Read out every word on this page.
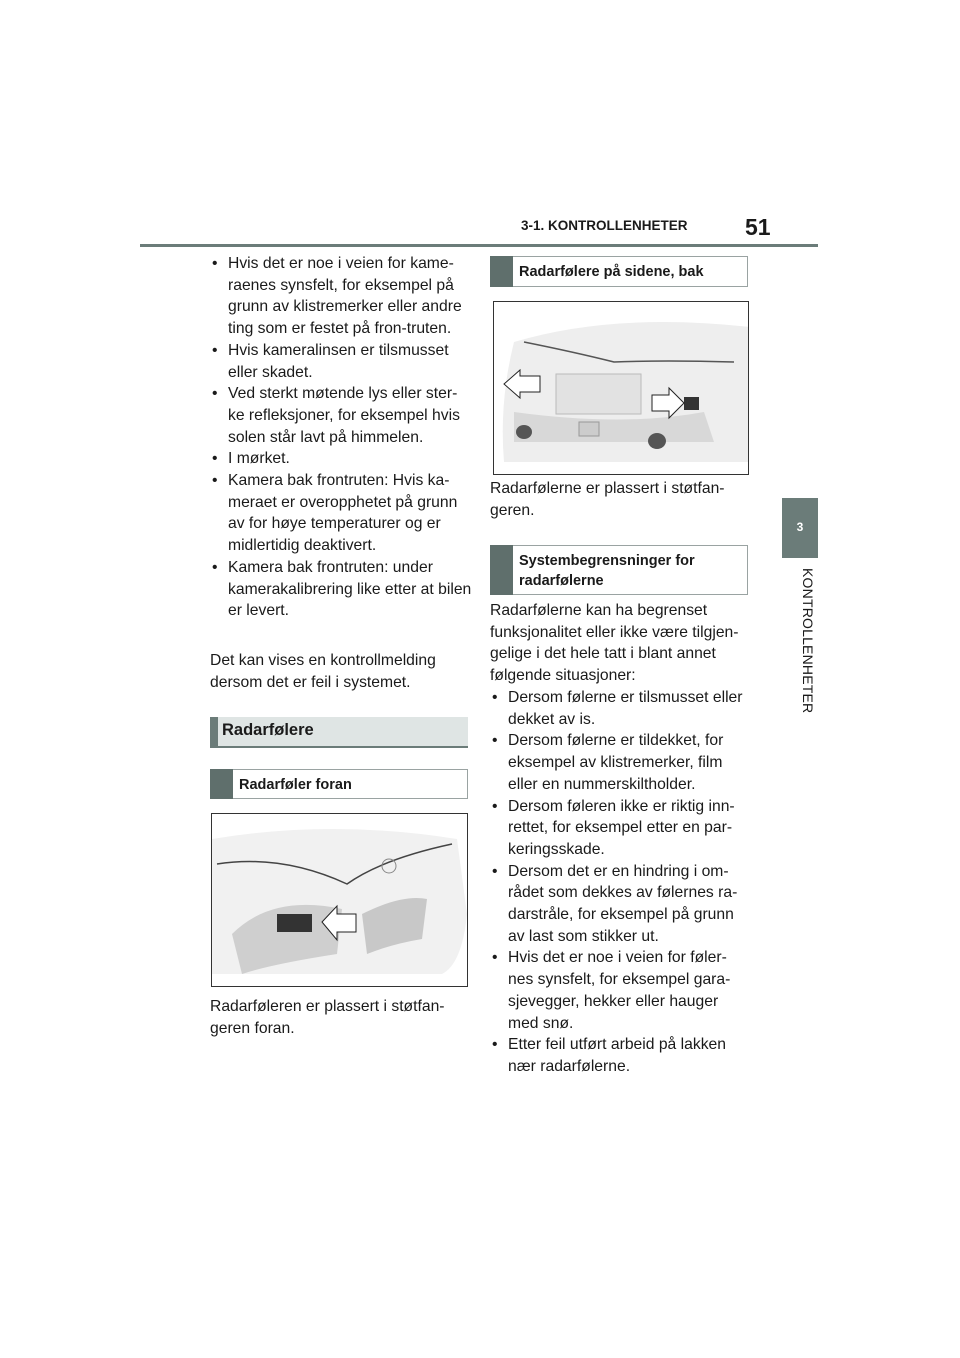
3-1. KONTROLLENHETER 51
3
KONTROLLENHETER
• Hvis det er noe i veien for kame-raenes synsfelt, for eksempel på grunn av klistremerker eller andre ting som er festet på fron-truten.
• Hvis kameralinsen er tilsmusset eller skadet.
• Ved sterkt møtende lys eller ster-ke refleksjoner, for eksempel hvis solen står lavt på himmelen.
• I mørket.
• Kamera bak frontruten: Hvis ka-meraet er overopphetet på grunn av for høye temperaturer og er midlertidig deaktivert.
• Kamera bak frontruten: under kamerakalibrering like etter at bilen er levert.
Det kan vises en kontrollmelding dersom det er feil i systemet.
Radarfølere
Radarføler foran
Radarføleren er plassert i støtfan-geren foran.
Radarfølere på sidene, bak
Radarfølerne er plassert i støtfan-geren.
Systembegrensninger for radarfølerne
Radarfølerne kan ha begrenset funksjonalitet eller ikke være tilgjen-gelige i det hele tatt i blant annet følgende situasjoner:
• Dersom følerne er tilsmusset eller dekket av is.
• Dersom følerne er tildekket, for eksempel av klistremerker, film eller en nummerskiltholder.
• Dersom føleren ikke er riktig inn-rettet, for eksempel etter en par-keringsskade.
• Dersom det er en hindring i om-rådet som dekkes av følernes ra-darstråle, for eksempel på grunn av last som stikker ut.
• Hvis det er noe i veien for føler-nes synsfelt, for eksempel gara-sjevegger, hekker eller hauger med snø.
• Etter feil utført arbeid på lakken nær radarfølerne.
